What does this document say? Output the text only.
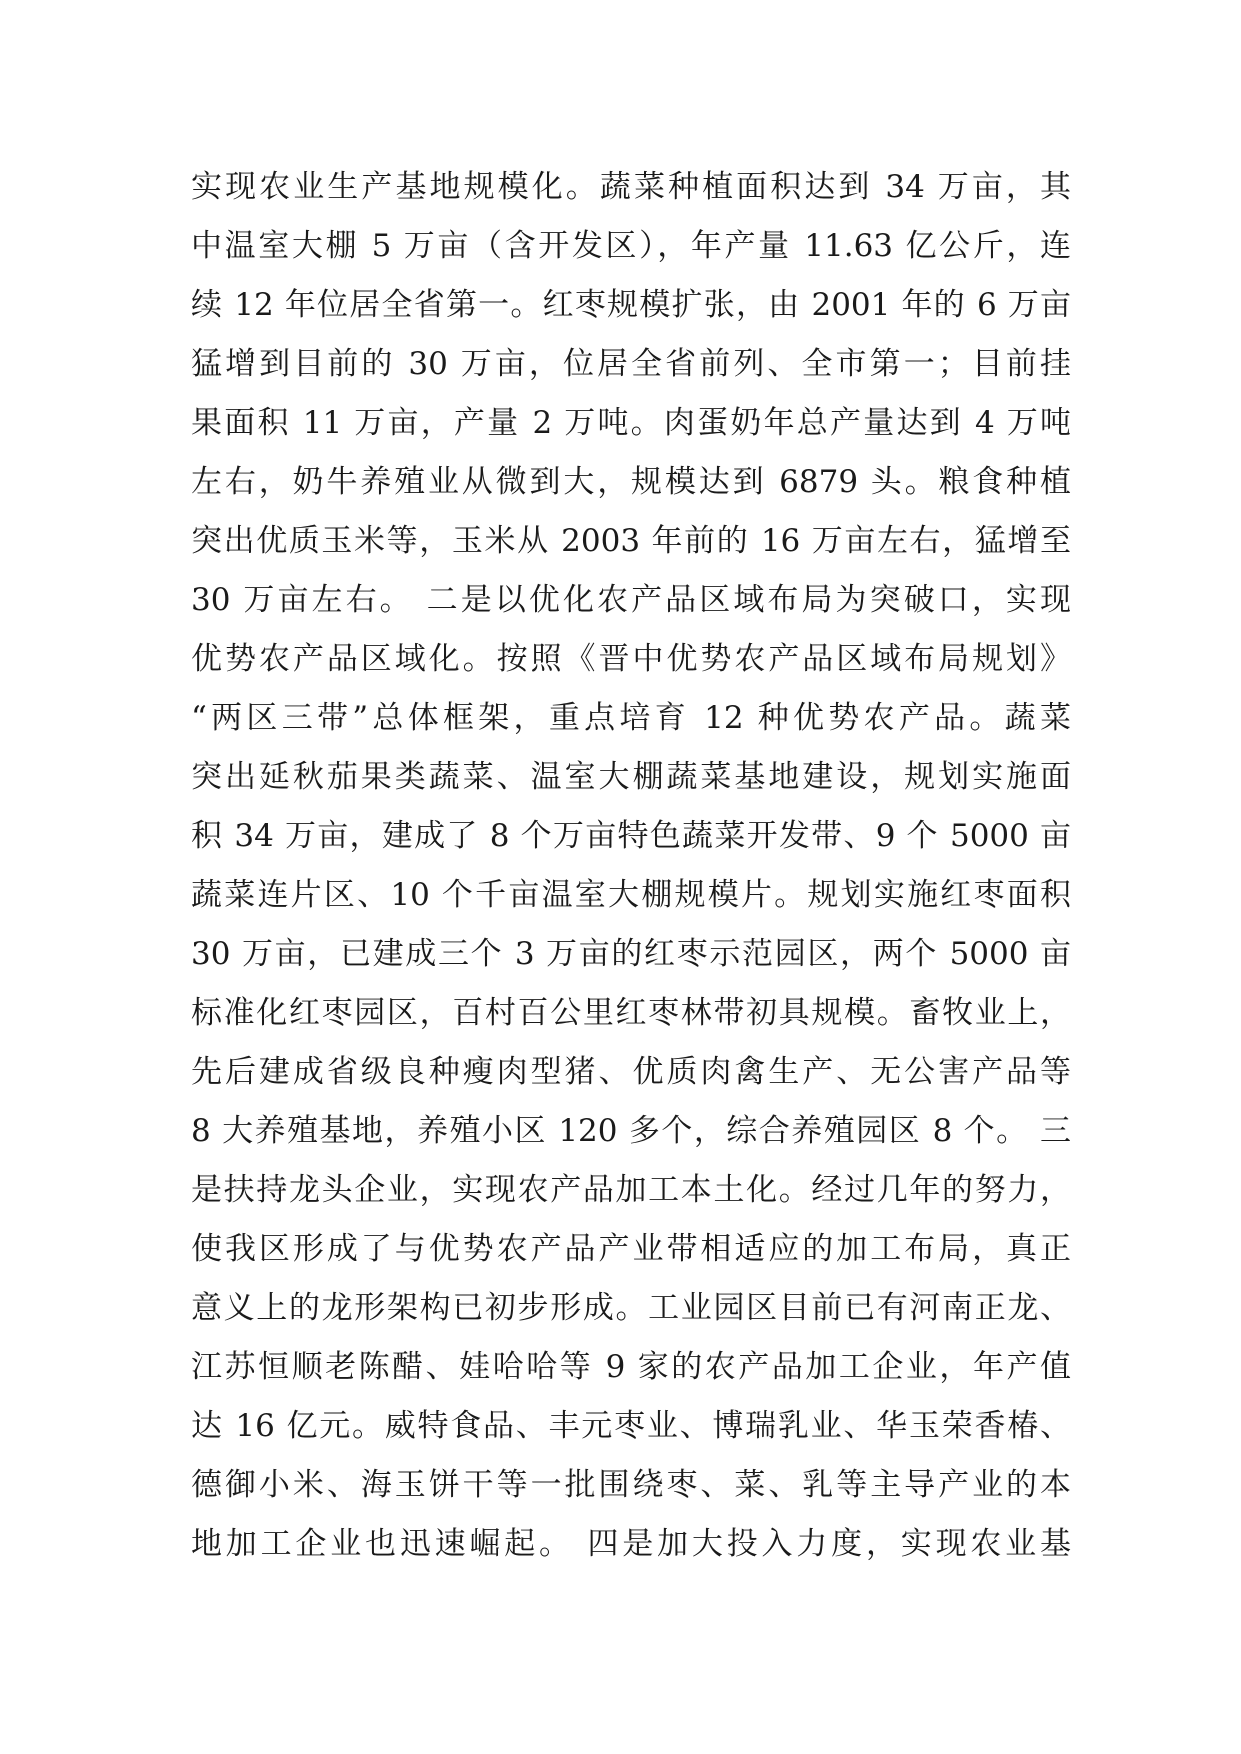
实现农业生产基地规模化。蔬菜种植面积达到 34 万亩，其
中温室大棚 5 万亩（含开发区），年产量 11.63 亿公斤，连
续 12 年位居全省第一。红枣规模扩张，由 2001 年的 6 万亩
猛增到目前的 30 万亩，位居全省前列、全市第一；目前挂
果面积 11 万亩，产量 2 万吨。肉蛋奶年总产量达到 4 万吨
左右，奶牛养殖业从微到大，规模达到 6879 头。粮食种植
突出优质玉米等，玉米从 2003 年前的 16 万亩左右，猛增至
30 万亩左右。 二是以优化农产品区域布局为突破口，实现
优势农产品区域化。按照《晋中优势农产品区域布局规划》
“两区三带”总体框架，重点培育 12 种优势农产品。蔬菜
突出延秋茄果类蔬菜、温室大棚蔬菜基地建设，规划实施面
积 34 万亩，建成了 8 个万亩特色蔬菜开发带、9 个 5000 亩
蔬菜连片区、10 个千亩温室大棚规模片。规划实施红枣面积
30 万亩，已建成三个 3 万亩的红枣示范园区，两个 5000 亩
标准化红枣园区，百村百公里红枣林带初具规模。畜牧业上，
先后建成省级良种瘦肉型猪、优质肉禽生产、无公害产品等
8 大养殖基地，养殖小区 120 多个，综合养殖园区 8 个。 三
是扶持龙头企业，实现农产品加工本土化。经过几年的努力，
使我区形成了与优势农产品产业带相适应的加工布局，真正
意义上的龙形架构已初步形成。工业园区目前已有河南正龙、
江苏恒顺老陈醋、娃哈哈等 9 家的农产品加工企业，年产值
达 16 亿元。威特食品、丰元枣业、博瑞乳业、华玉荣香椿、
德御小米、海玉饼干等一批围绕枣、菜、乳等主导产业的本
地加工企业也迅速崛起。 四是加大投入力度，实现农业基
